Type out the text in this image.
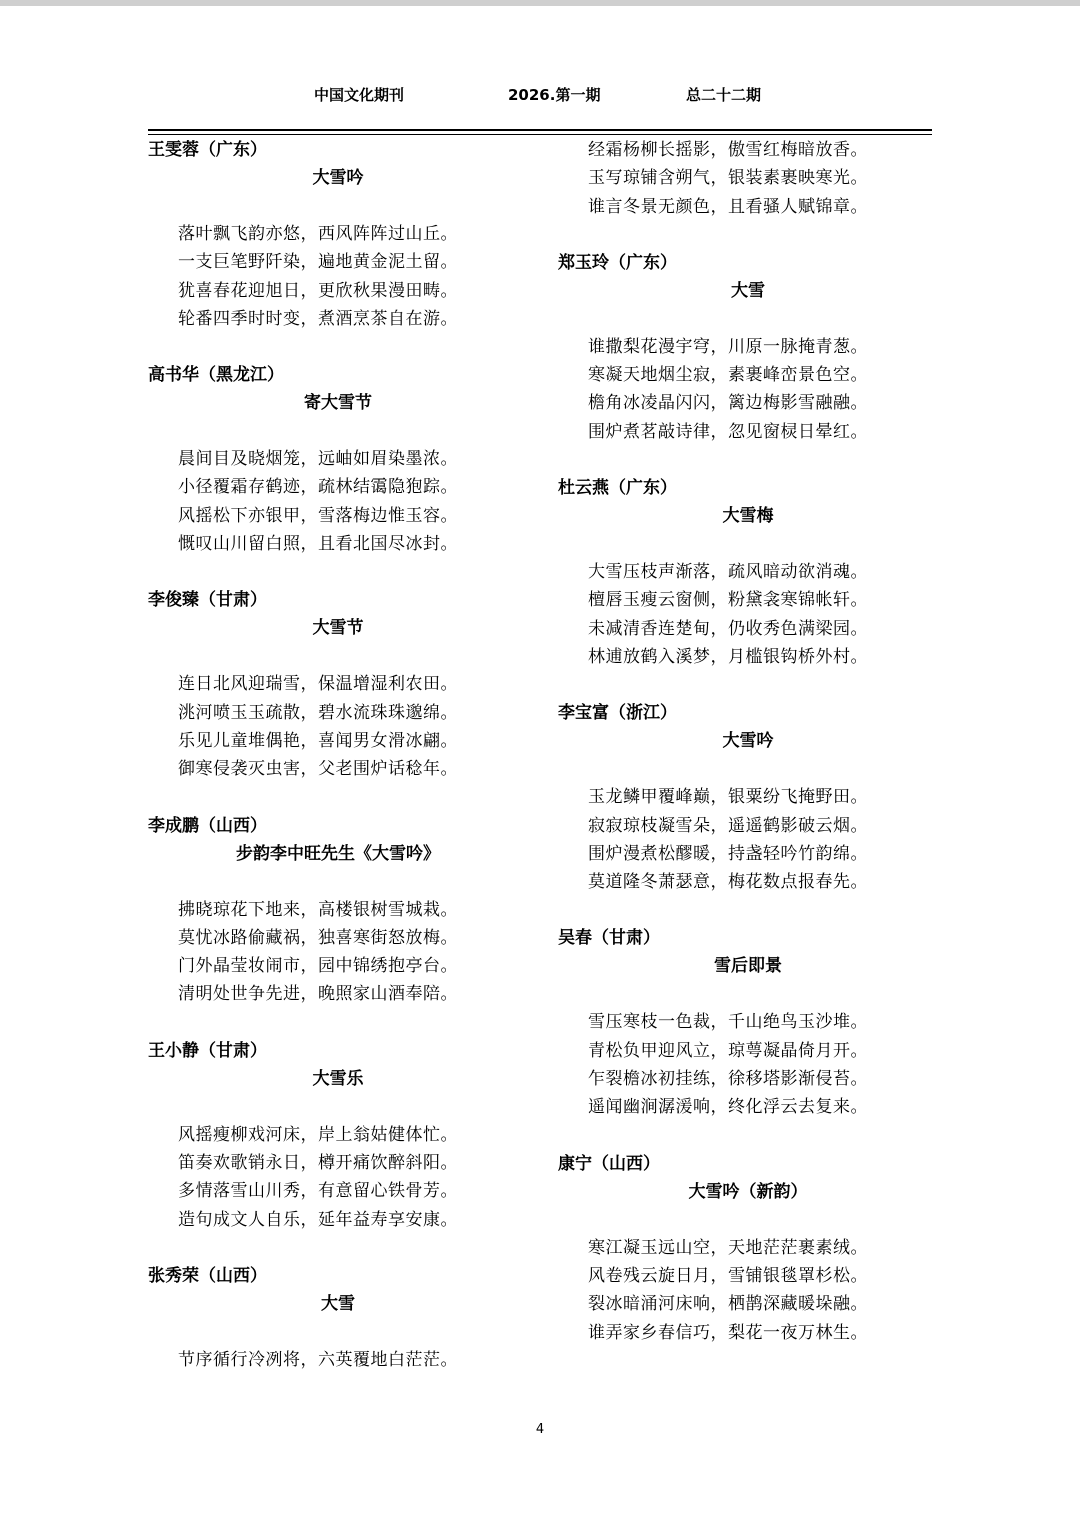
中国文化期刊	2026.第一期	总二十二期
王雯蓉（广东）
大雪吟
落叶飘飞韵亦悠，西风阵阵过山丘。
一支巨笔野阡染，遍地黄金泥土留。
犹喜春花迎旭日，更欣秋果漫田畴。
轮番四季时时变，煮酒烹茶自在游。
高书华（黑龙江）
寄大雪节
晨间目及晓烟笼，远岫如眉染墨浓。
小径覆霜存鹤迹，疏林结霭隐狍踪。
风摇松下亦银甲，雪落梅边惟玉容。
慨叹山川留白照，且看北国尽冰封。
李俊臻（甘肃）
大雪节
连日北风迎瑞雪，保温增湿利农田。
洮河喷玉玉疏散，碧水流珠珠邈绵。
乐见儿童堆偶艳，喜闻男女滑冰翩。
御寒侵袭灭虫害，父老围炉话稔年。
李成鹏（山西）
步韵李中旺先生《大雪吟》
拂晓琼花下地来，高楼银树雪城栽。
莫忧冰路偷藏祸，独喜寒街怒放梅。
门外晶莹妆闹市，园中锦绣抱亭台。
清明处世争先进，晚照家山酒奉陪。
王小静（甘肃）
大雪乐
风摇瘦柳戏河床，岸上翁姑健体忙。
笛奏欢歌销永日，樽开痛饮醉斜阳。
多情落雪山川秀，有意留心铁骨芳。
造句成文人自乐，延年益寿享安康。
张秀荣（山西）
大雪
节序循行冷冽将，六英覆地白茫茫。
经霜杨柳长摇影，傲雪红梅暗放香。
玉写琼铺含朔气，银装素裹映寒光。
谁言冬景无颜色，且看骚人赋锦章。
郑玉玲（广东）
大雪
谁撒梨花漫宇穹，川原一脉掩青葱。
寒凝天地烟尘寂，素裹峰峦景色空。
檐角冰凌晶闪闪，篱边梅影雪融融。
围炉煮茗敲诗律，忽见窗棂日晕红。
杜云燕（广东）
大雪梅
大雪压枝声渐落，疏风暗动欲消魂。
檀唇玉瘦云窗侧，粉黛衾寒锦帐轩。
未减清香连楚甸，仍收秀色满梁园。
林逋放鹤入溪梦，月槛银钩桥外村。
李宝富（浙江）
大雪吟
玉龙鳞甲覆峰巅，银粟纷飞掩野田。
寂寂琼枝凝雪朵，遥遥鹤影破云烟。
围炉漫煮松醪暖，持盏轻吟竹韵绵。
莫道隆冬萧瑟意，梅花数点报春先。
吴春（甘肃）
雪后即景
雪压寒枝一色裁，千山绝鸟玉沙堆。
青松负甲迎风立，琼萼凝晶倚月开。
乍裂檐冰初挂练，徐移塔影渐侵苔。
遥闻幽涧潺湲响，终化浮云去复来。
康宁（山西）
大雪吟（新韵）
寒江凝玉远山空，天地茫茫裹素绒。
风卷残云旋日月，雪铺银毯罩杉松。
裂冰暗涌河床响，栖鹊深藏暖垛融。
谁弄家乡春信巧，梨花一夜万林生。
4
